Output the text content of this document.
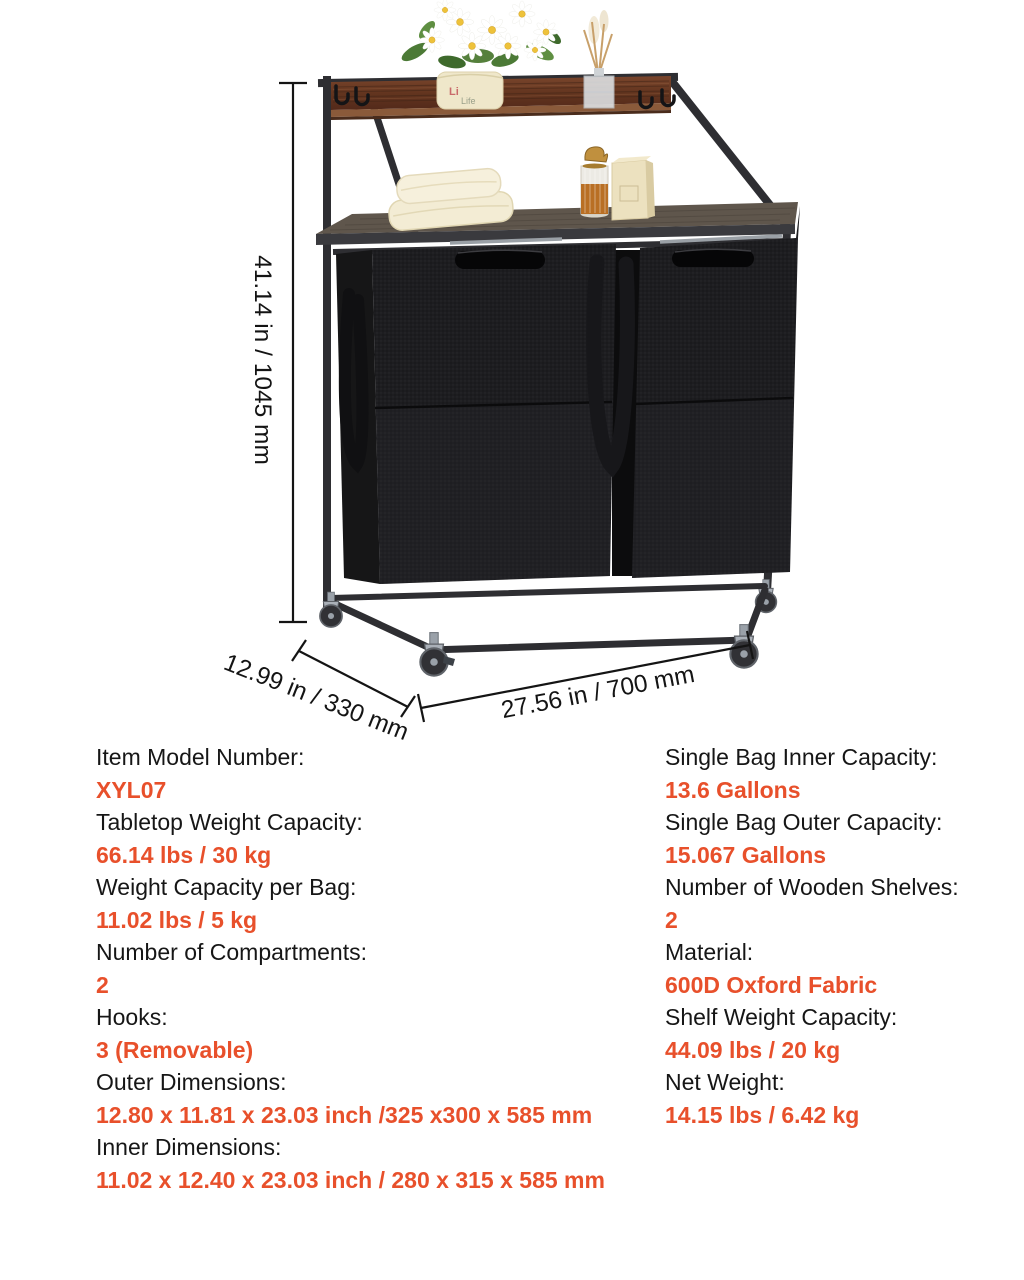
Li
Life
41.14 in / 1045 mm
12.99 in / 330 mm	27.56 in / 700 mm
Item Model Number:
XYL07
Tabletop Weight Capacity:
66.14 lbs / 30 kg
Weight Capacity per Bag:
11.02 lbs / 5 kg
Number of Compartments:
2
Hooks:
3 (Removable)
Outer Dimensions:
12.80 x 11.81 x 23.03 inch /325 x300 x 585 mm
Inner Dimensions:
11.02 x 12.40 x 23.03 inch / 280 x 315 x 585 mm
Single Bag Inner Capacity:
13.6 Gallons
Single Bag Outer Capacity:
15.067 Gallons
Number of Wooden Shelves:
2
Material:
600D Oxford Fabric
Shelf Weight Capacity:
44.09 lbs / 20 kg
Net Weight:
14.15 lbs / 6.42 kg
